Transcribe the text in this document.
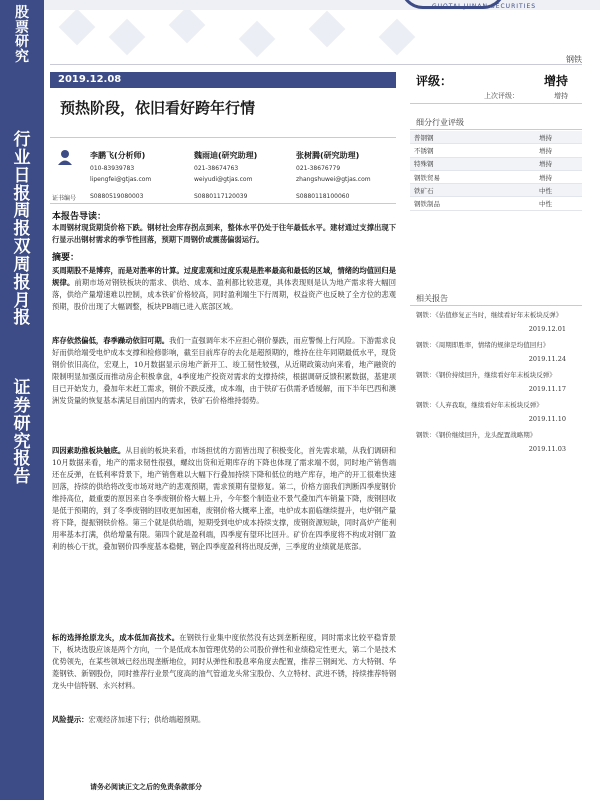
股
票
研
究
行
业
日
报
周
报
双
周
报
月
报
证
券
研
究
报
告
GUOTAI JUNAN SECURITIES
钢铁
2019.12.08
预热阶段，依旧看好跨年行情
李鹏飞(分析师)
010-83939783
lipengfei@gtjas.com
魏雨迪(研究助理)
021-38674763
weiyudi@gtjas.com
张树腾(研究助理)
021-38676779
zhangshuwei@gtjas.com
证书编号 S0880519080003	S0880117120039	S0880118100060
本报告导读：
本周钢材现货期货价格下跌。钢材社会库存拐点到来，整体水平仍处于往年最低水平。建材通过支撑出现下行显示出钢材需求的季节性回落，预期下周钢价或震荡偏弱运行。
摘要：
买周期股不是博弈，而是对胜率的计算。过度悲观和过度乐观是胜率最高和最低的区域，情绪的均值回归是规律。前期市场对钢铁板块的需求、供给、成本、盈利都比较悲观，具体表现则是认为地产需求将大幅回落，供给产量增速难以控制，成本铁矿价格较高，同时盈利端生下行周期，权益资产也反映了全方位的悲观预期，股价出现了大幅调整，板块PB端已进入底部区域。
库存依然偏低，春季躁动依旧可期。我们一直强调年末不应担心钢价暴跌，而应警惕上行风险。下游需求良好而供给端受电炉成本支撑和检修影响，截至目前库存的去化是超预期的，维持在往年同期最低水平，现货钢价依旧高位，宏观上，10月数据显示房地产新开工、竣工韧性较强，从近期政策动向来看，地产融资的限制明显加强反而推动房企积极拿盘，4季度地产投资对需求的支撑持续，根据调研反馈积累数据，基建项目已开始发力，叠加年末赶工需求，钢价不跌反涨，成本端，由于铁矿石供需矛盾缓解，而下半年巴西和澳洲发货量的恢复基本满足目前国内的需求，铁矿石价格维持弱势。
四因素助推板块触底。从目前的板块来看，市场担忧的方面皆出现了积极变化，首先需求端，从我们调研和10月数据来看，地产的需求韧性很强，螺纹出货和近期库存的下降也体现了需求端不弱，同时地产销售端还在反弹，在低利率背景下，地产销售难以大幅下行叠加持续下降和低位的地产库存，地产的开工很难快速回落，持续的供给将改变市场对地产的悲观预期，需求预期有望修复。第二，价格方面我们判断四季度钢价维持高位，最重要的原因来自冬季废钢价格大幅上升，今年整个制造业不景气叠加汽车销量下降，废钢回收是低于预期的，到了冬季废钢的回收更加困难，废钢价格大概率上涨，电炉成本面临继续提升，电炉钢产量将下降，提振钢铁价格。第三个就是供给端，短期受到电炉成本持续支撑，废钢资源短缺，同时高炉产能利用率基本打满，供给增量有限。第四个就是盈利端，四季度有望环比回升。矿价在四季度将不构成对钢厂盈利的核心干扰，叠加钢价四季度基本稳健，钢企四季度盈利将出现反弹，三季度的业绩就是底部。
标的选择抢原龙头，成本低加高技术。在钢铁行业集中度依然没有达到垄断程度，同时需求比较平稳背景下，板块选股应该是两个方向，一个是低成本加管理优势的公司股价弹性和业绩稳定性更大，第二个是技术优势领先，在某些领域已经出现垄断地位，同时从弹性和股息率角度去配置，推荐三钢闽光、方大特钢、华菱钢铁、新钢股份，同时推荐行业景气度高的油气管道龙头常宝股份、久立特材、武进不锈，持续推荐特钢龙头中信特钢、永兴材料。
风险提示：宏观经济加速下行；供给端超预期。
评级：	增持
上次评级：	增持
细分行业评级
普钢钢	增持
不锈钢	增持
特殊钢	增持
钢铁贸易	增持
铁矿石	中性
钢铁制品	中性
相关报告
钢铁：《估值修复正当时，继续看好年末板块反弹》
2019.12.01
钢铁：《周期即胜率，情绪的规律是均值回归》
2019.11.24
钢铁：《钢价持续回升，继续看好年末板块反弹》
2019.11.17
钢铁：《人弃我取，继续看好年末板块反弹》
2019.11.10
钢铁：《钢价继续回升，龙头配置战略期》
2019.11.03
请务必阅读正文之后的免责条款部分
